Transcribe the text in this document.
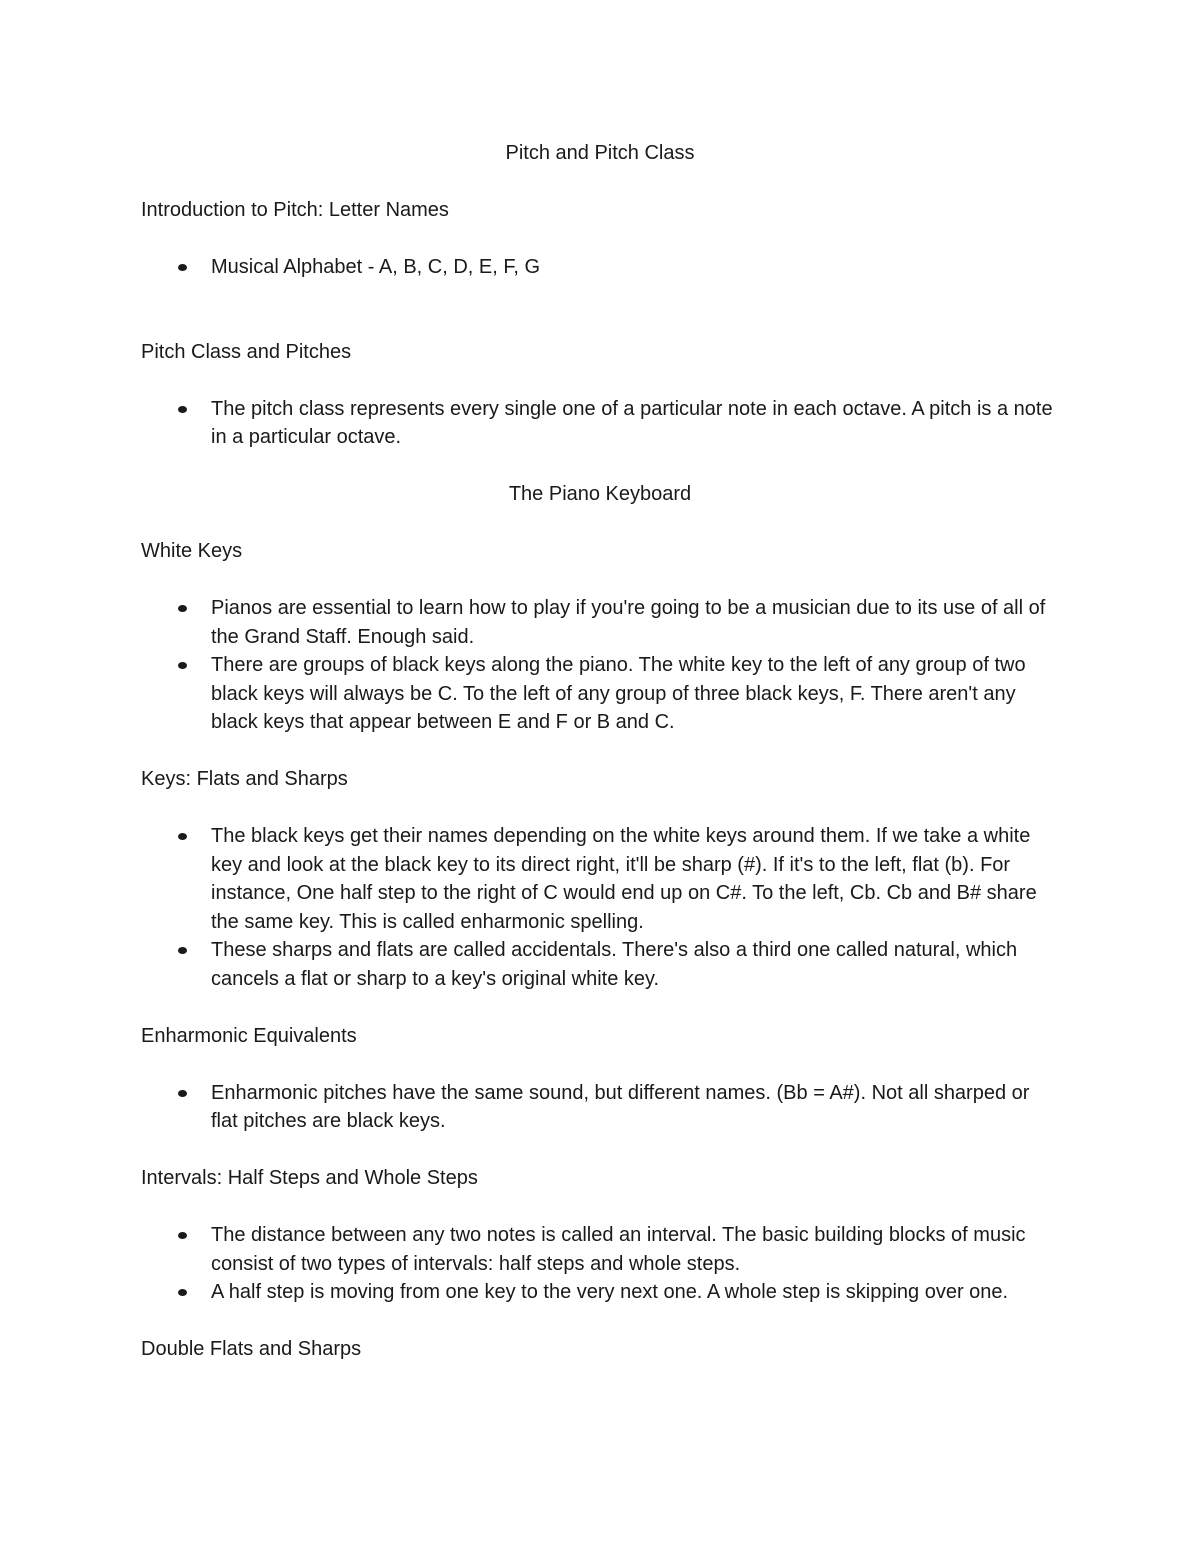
Pitch and Pitch Class
Introduction to Pitch: Letter Names
Musical Alphabet - A, B, C, D, E, F, G
Pitch Class and Pitches
The pitch class represents every single one of a particular note in each octave. A pitch is a note in a particular octave.
The Piano Keyboard
White Keys
Pianos are essential to learn how to play if you're going to be a musician due to its use of all of the Grand Staff. Enough said.
There are groups of black keys along the piano. The white key to the left of any group of two black keys will always be C. To the left of any group of three black keys, F. There aren't any black keys that appear between E and F or B and C.
Keys: Flats and Sharps
The black keys get their names depending on the white keys around them. If we take a white key and look at the black key to its direct right, it'll be sharp (#). If it's to the left, flat (b). For instance, One half step to the right of C would end up on C#. To the left, Cb. Cb and B# share the same key. This is called enharmonic spelling.
These sharps and flats are called accidentals. There's also a third one called natural, which cancels a flat or sharp to a key's original white key.
Enharmonic Equivalents
Enharmonic pitches have the same sound, but different names. (Bb = A#). Not all sharped or flat pitches are black keys.
Intervals: Half Steps and Whole Steps
The distance between any two notes is called an interval. The basic building blocks of music consist of two types of intervals: half steps and whole steps.
A half step is moving from one key to the very next one. A whole step is skipping over one.
Double Flats and Sharps
